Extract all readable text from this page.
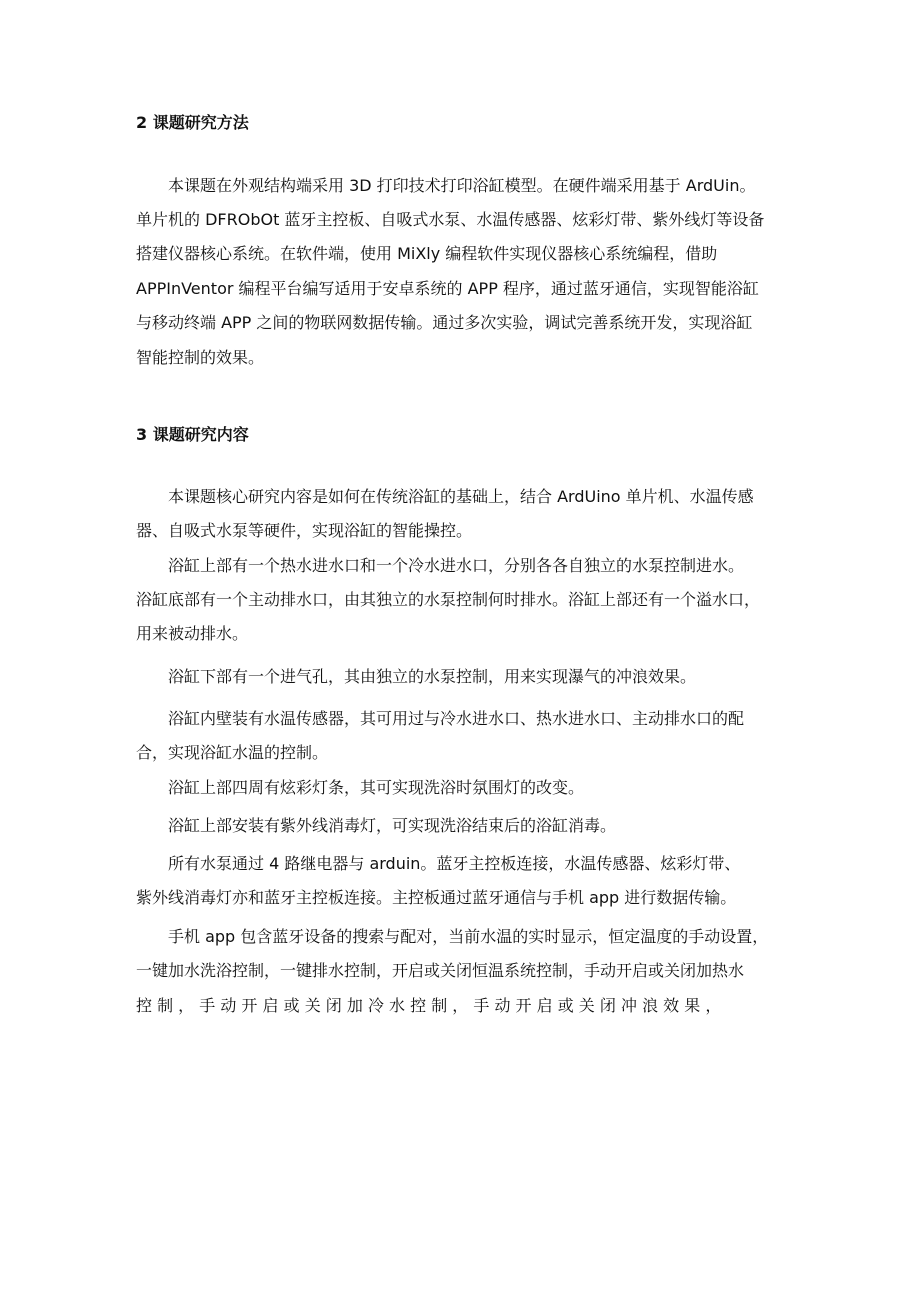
2 课题研究方法
本课题在外观结构端采用 3D 打印技术打印浴缸模型。在硬件端采用基于 ArdUin。
单片机的 DFRObOt 蓝牙主控板、自吸式水泵、水温传感器、炫彩灯带、紫外线灯等设备
搭建仪器核心系统。在软件端，使用 MiXly 编程软件实现仪器核心系统编程，借助
APPInVentor 编程平台编写适用于安卓系统的 APP 程序，通过蓝牙通信，实现智能浴缸
与移动终端 APP 之间的物联网数据传输。通过多次实验，调试完善系统开发，实现浴缸
智能控制的效果。
3 课题研究内容
本课题核心研究内容是如何在传统浴缸的基础上，结合 ArdUino 单片机、水温传感
器、自吸式水泵等硬件，实现浴缸的智能操控。
浴缸上部有一个热水进水口和一个冷水进水口，分别各各自独立的水泵控制进水。
浴缸底部有一个主动排水口，由其独立的水泵控制何时排水。浴缸上部还有一个溢水口，
用来被动排水。
浴缸下部有一个进气孔，其由独立的水泵控制，用来实现瀑气的冲浪效果。
浴缸内壁装有水温传感器，其可用过与冷水进水口、热水进水口、主动排水口的配
合，实现浴缸水温的控制。
浴缸上部四周有炫彩灯条，其可实现洗浴时氛围灯的改变。
浴缸上部安装有紫外线消毒灯，可实现洗浴结束后的浴缸消毒。
所有水泵通过 4 路继电器与 arduin。蓝牙主控板连接，水温传感器、炫彩灯带、
紫外线消毒灯亦和蓝牙主控板连接。主控板通过蓝牙通信与手机 app 进行数据传输。
手机 app 包含蓝牙设备的搜索与配对，当前水温的实时显示，恒定温度的手动设置，
一键加水洗浴控制，一键排水控制，开启或关闭恒温系统控制，手动开启或关闭加热水
控 制 ， 手 动 开 启 或 关 闭 加 冷 水 控 制 ， 手 动 开 启 或 关 闭 冲 浪 效 果 ，
